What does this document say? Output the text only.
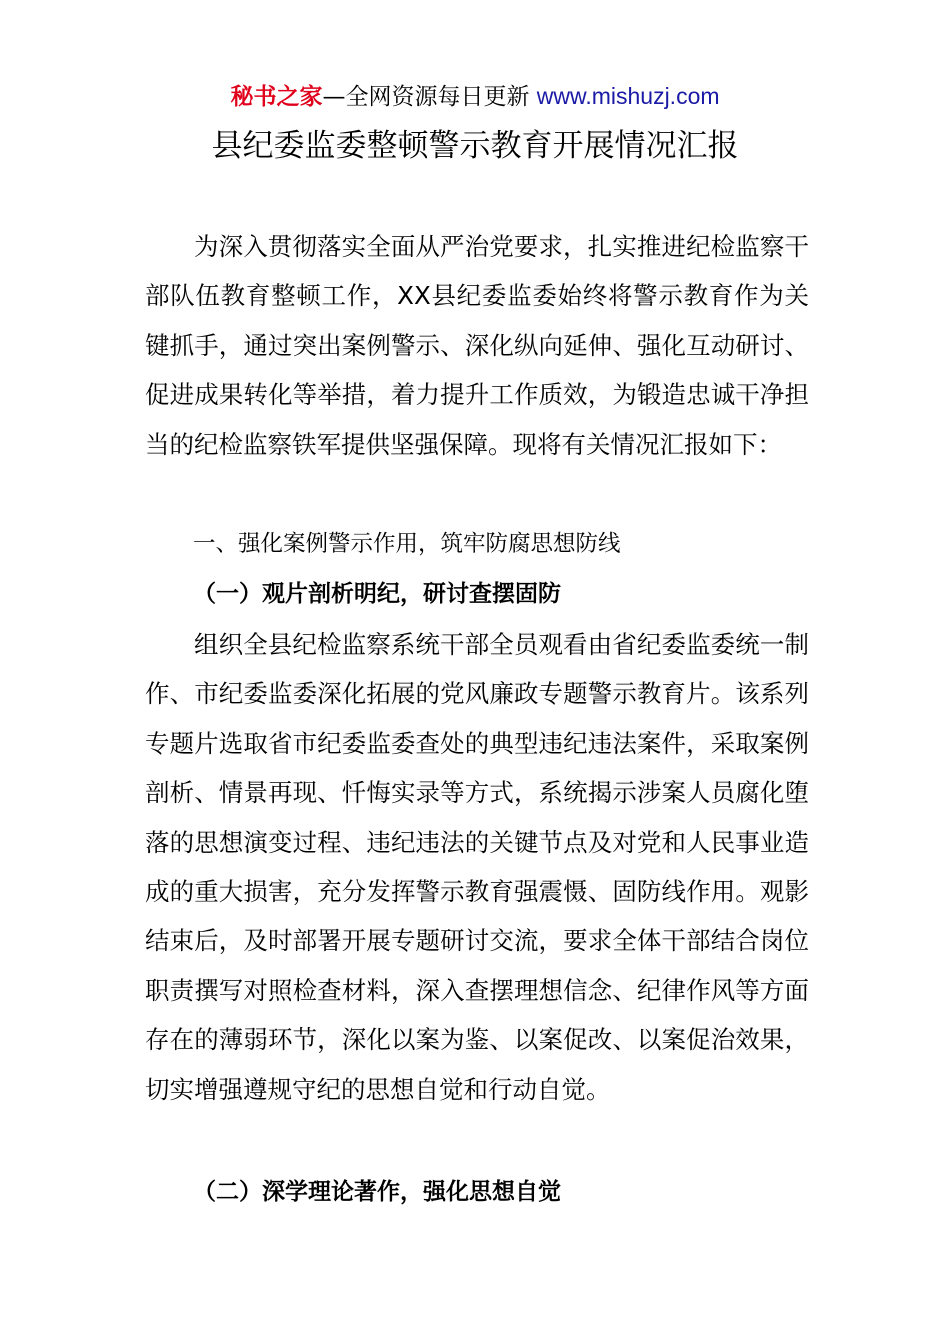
秘书之家—全网资源每日更新 www.mishuzj.com
县纪委监委整顿警示教育开展情况汇报

为深入贯彻落实全面从严治党要求，扎实推进纪检监察干部队伍教育整顿工作，XX县纪委监委始终将警示教育作为关键抓手，通过突出案例警示、深化纵向延伸、强化互动研讨、促进成果转化等举措，着力提升工作质效，为锻造忠诚干净担当的纪检监察铁军提供坚强保障。现将有关情况汇报如下：

一、强化案例警示作用，筑牢防腐思想防线
（一）观片剖析明纪，研讨查摆固防

组织全县纪检监察系统干部全员观看由省纪委监委统一制作、市纪委监委深化拓展的党风廉政专题警示教育片。该系列专题片选取省市纪委监委查处的典型违纪违法案件，采取案例剖析、情景再现、忏悔实录等方式，系统揭示涉案人员腐化堕落的思想演变过程、违纪违法的关键节点及对党和人民事业造成的重大损害，充分发挥警示教育强震慑、固防线作用。观影结束后，及时部署开展专题研讨交流，要求全体干部结合岗位职责撰写对照检查材料，深入查摆理想信念、纪律作风等方面存在的薄弱环节，深化以案为鉴、以案促改、以案促治效果，切实增强遵规守纪的思想自觉和行动自觉。

（二）深学理论著作，强化思想自觉
